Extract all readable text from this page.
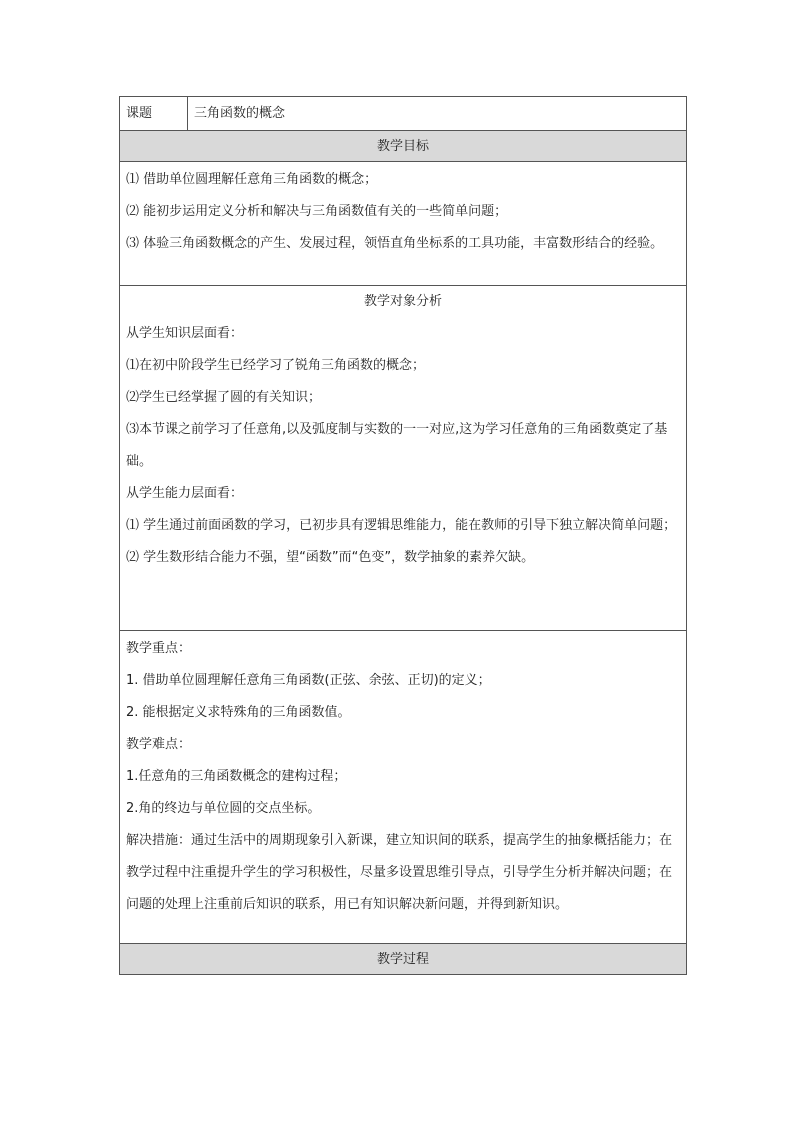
课题	三角函数的概念
教学目标

⑴ 借助单位圆理解任意角三角函数的概念；

⑵ 能初步运用定义分析和解决与三角函数值有关的一些简单问题；

⑶ 体验三角函数概念的产生、发展过程，领悟直角坐标系的工具功能，丰富数形结合的经验。

教学对象分析

从学生知识层面看：

⑴在初中阶段学生已经学习了锐角三角函数的概念；

⑵学生已经掌握了圆的有关知识；

⑶本节课之前学习了任意角,以及弧度制与实数的一一对应,这为学习任意角的三角函数奠定了基础。

从学生能力层面看：

⑴ 学生通过前面函数的学习，已初步具有逻辑思维能力，能在教师的引导下独立解决简单问题；

⑵ 学生数形结合能力不强，望“函数”而“色变”，数学抽象的素养欠缺。

教学重点：

1. 借助单位圆理解任意角三角函数(正弦、余弦、正切)的定义；

2. 能根据定义求特殊角的三角函数值。

教学难点：

1.任意角的三角函数概念的建构过程；

2.角的终边与单位圆的交点坐标。

解决措施：通过生活中的周期现象引入新课，建立知识间的联系，提高学生的抽象概括能力；在教学过程中注重提升学生的学习积极性，尽量多设置思维引导点，引导学生分析并解决问题；在问题的处理上注重前后知识的联系，用已有知识解决新问题，并得到新知识。

教学过程
